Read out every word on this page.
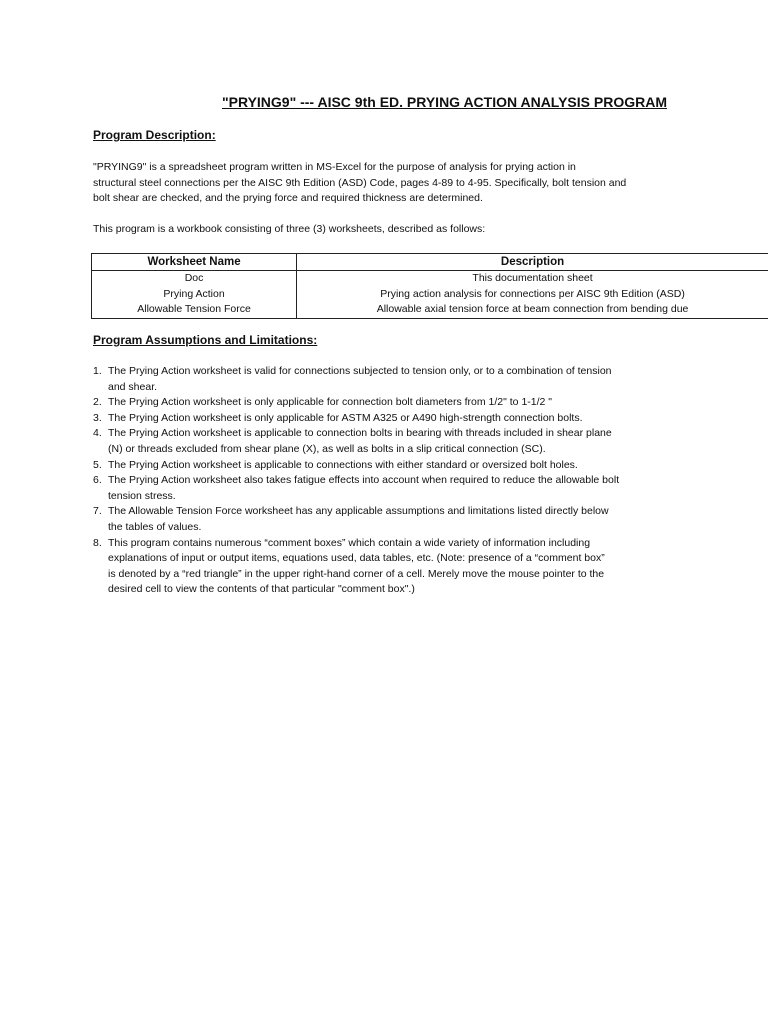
"PRYING9" --- AISC 9th ED. PRYING ACTION ANALYSIS PROGRAM
Program Description:
"PRYING9" is a spreadsheet program written in MS-Excel for the purpose of analysis for prying action in
structural steel connections per the AISC 9th Edition (ASD) Code, pages 4-89 to 4-95. Specifically, bolt tension and
bolt shear are checked, and the prying force and required thickness are determined.
This program is a workbook consisting of three (3) worksheets, described as follows:
Worksheet Name	Description
Doc	This documentation sheet
Prying Action	Prying action analysis for connections per AISC 9th Edition (ASD)
Allowable Tension Force	Allowable axial tension force at beam connection from bending due
Program Assumptions and Limitations:
1. The Prying Action worksheet is valid for connections subjected to tension only, or to a combination of tension
and shear.
2. The Prying Action worksheet is only applicable for connection bolt diameters from 1/2" to 1-1/2 "
3. The Prying Action worksheet is only applicable for ASTM A325 or A490 high-strength connection bolts.
4. The Prying Action worksheet is applicable to connection bolts in bearing with threads included in shear plane
(N) or threads excluded from shear plane (X), as well as bolts in a slip critical connection (SC).
5. The Prying Action worksheet is applicable to connections with either standard or oversized bolt holes.
6. The Prying Action worksheet also takes fatigue effects into account when required to reduce the allowable bolt
tension stress.
7. The Allowable Tension Force worksheet has any applicable assumptions and limitations listed directly below
the tables of values.
8. This program contains numerous “comment boxes” which contain a wide variety of information including
explanations of input or output items, equations used, data tables, etc. (Note: presence of a “comment box”
is denoted by a “red triangle” in the upper right-hand corner of a cell. Merely move the mouse pointer to the
desired cell to view the contents of that particular "comment box".)
